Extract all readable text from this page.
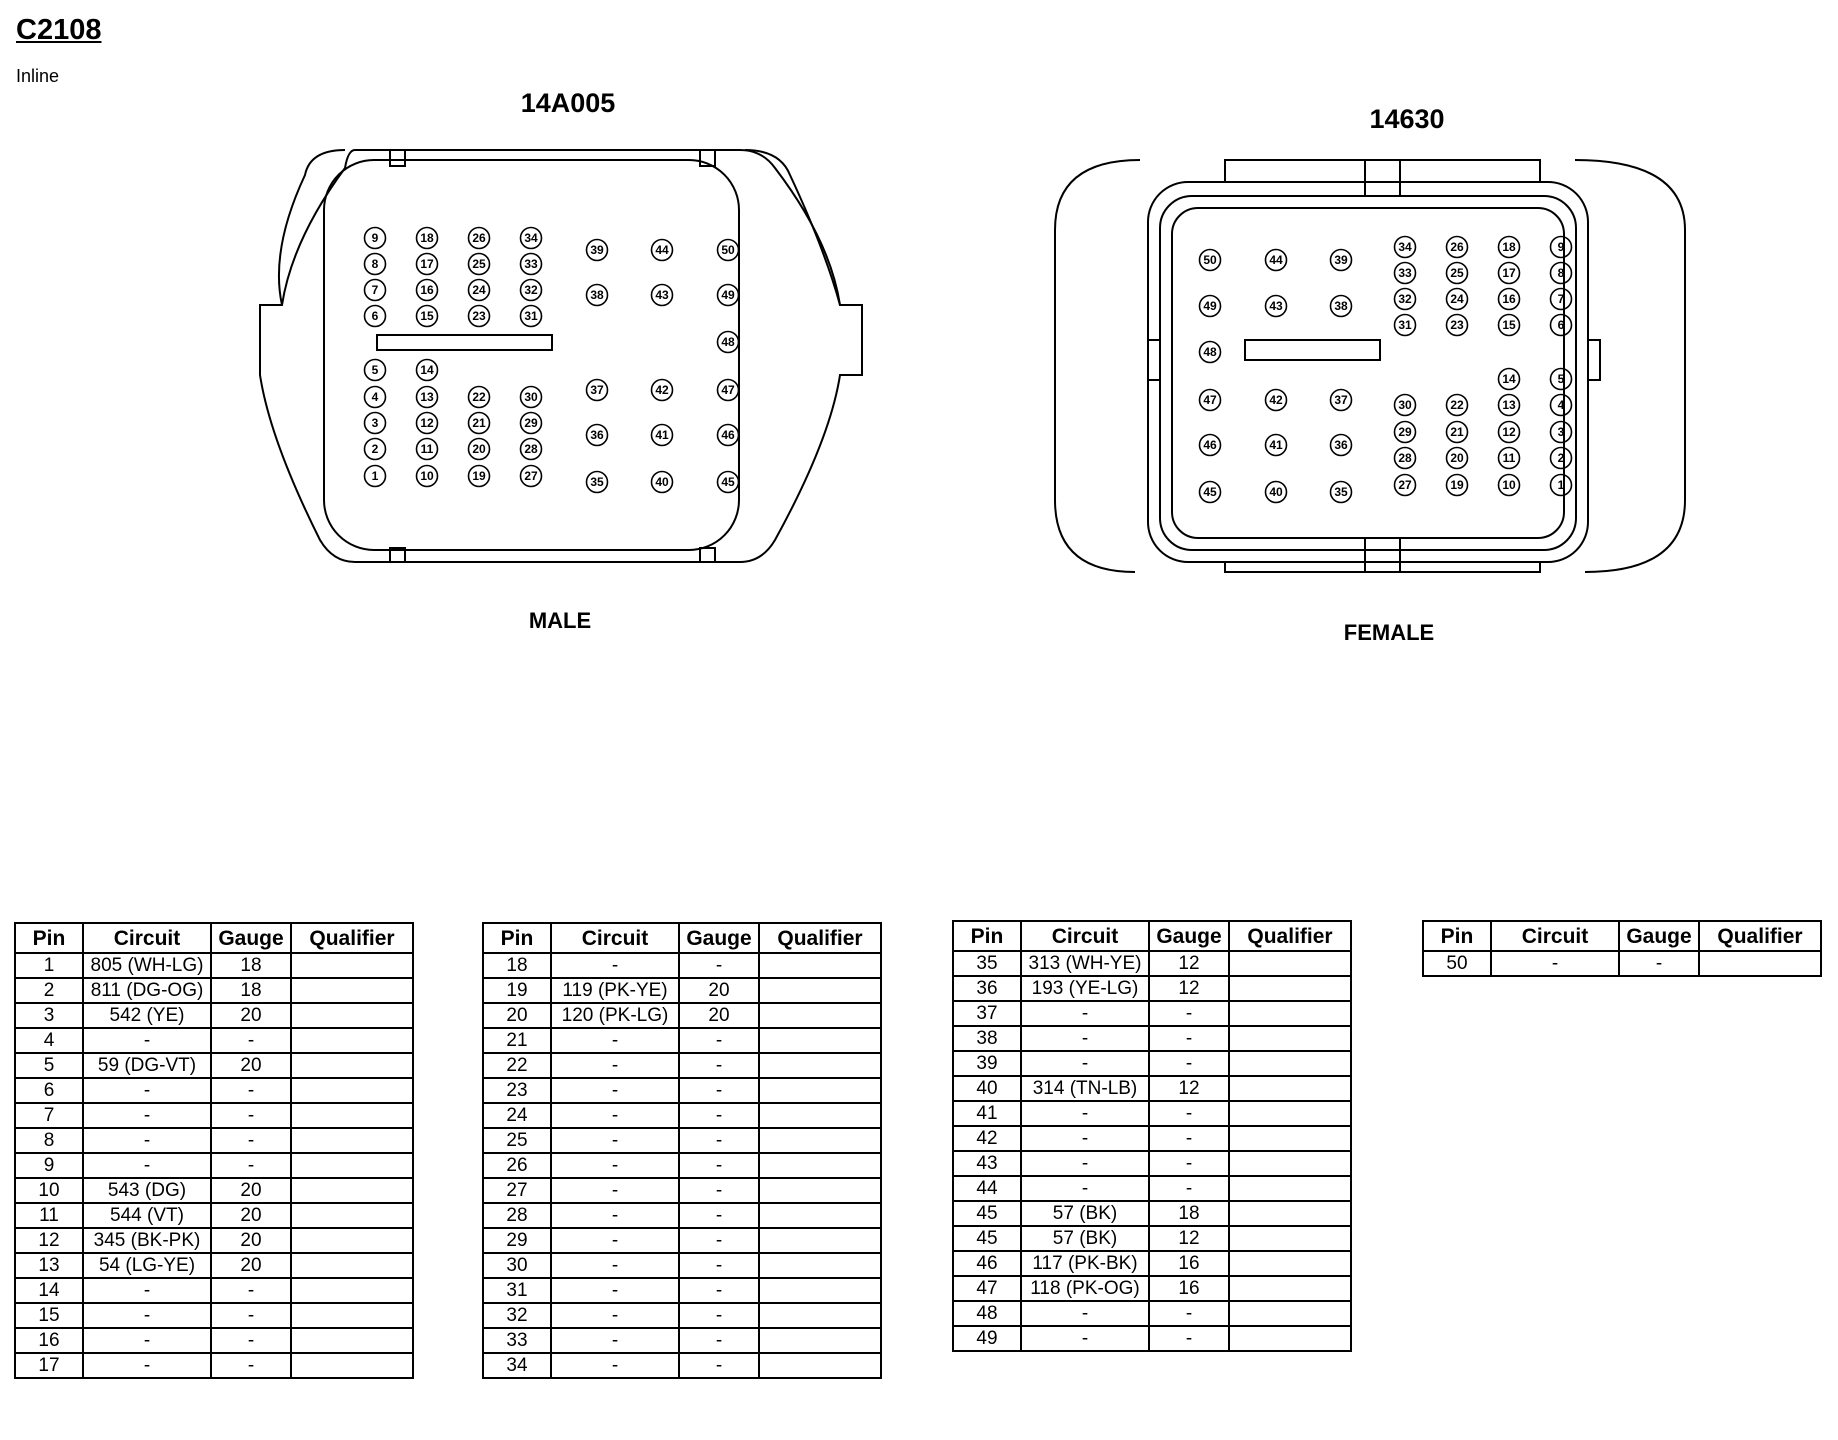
C2108
Inline
14A005
14630
MALE	FEMALE
9
8
7
6
5
4
3
2
1
18
17
16
15
14
13
12
11
10
26
25
24
23
22
21
20
19
34
33
32
31
30
29
28
27
39
38
37
36
35
44
43
42
41
40
50
49
48
47
46
45
50
49
48
47
46
45
44
43
42
41
40
39
38
37
36
35
34
33
32
31
30
29
28
27
26
25
24
23
22
21
20
19
18
17
16
15
14
13
12
11
10
9
8
7
6
5
4
3
2
1
Pin	Circuit	Gauge	Qualifier
1	805 (WH-LG)	18	
2	811 (DG-OG)	18	
3	542 (YE)	20	
4	-	-	
5	59 (DG-VT)	20	
6	-	-	
7	-	-	
8	-	-	
9	-	-	
10	543 (DG)	20	
11	544 (VT)	20	
12	345 (BK-PK)	20	
13	54 (LG-YE)	20	
14	-	-	
15	-	-	
16	-	-	
17	-	-	
Pin	Circuit	Gauge	Qualifier
18	-	-	
19	119 (PK-YE)	20	
20	120 (PK-LG)	20	
21	-	-	
22	-	-	
23	-	-	
24	-	-	
25	-	-	
26	-	-	
27	-	-	
28	-	-	
29	-	-	
30	-	-	
31	-	-	
32	-	-	
33	-	-	
34	-	-	
Pin	Circuit	Gauge	Qualifier
35	313 (WH-YE)	12	
36	193 (YE-LG)	12	
37	-	-	
38	-	-	
39	-	-	
40	314 (TN-LB)	12	
41	-	-	
42	-	-	
43	-	-	
44	-	-	
45	57 (BK)	18	
45	57 (BK)	12	
46	117 (PK-BK)	16	
47	118 (PK-OG)	16	
48	-	-	
49	-	-	
Pin	Circuit	Gauge	Qualifier
50	-	-	
